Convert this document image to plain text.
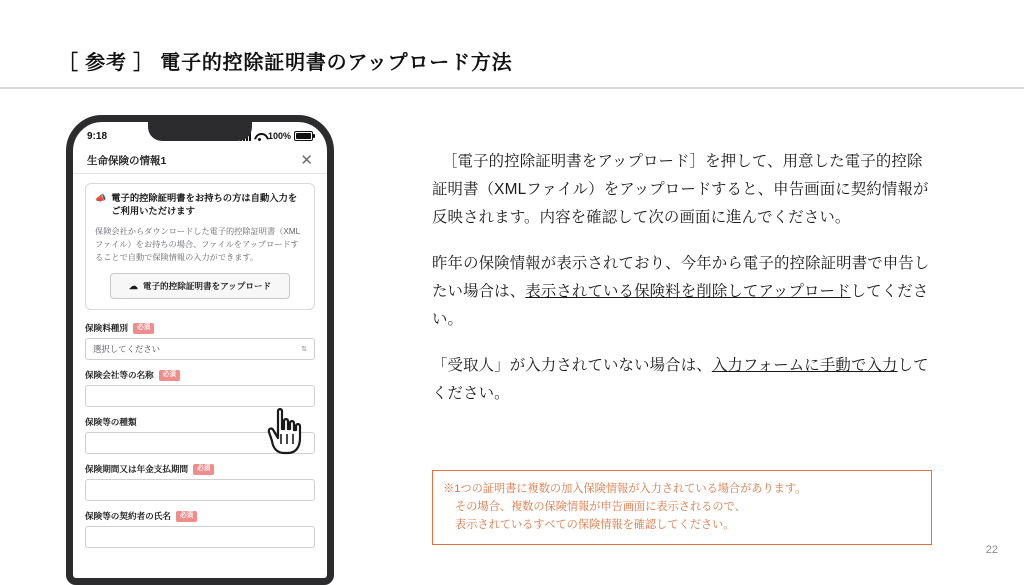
［ 参考 ］ 電子的控除証明書のアップロード方法
9:18	100%
生命保険の情報1	✕
📣 電子的控除証明書をお持ちの方は自動入力をご利用いただけます
保険会社からダウンロードした電子的控除証明書（XMLファイル）をお持ちの場合、ファイルをアップロードすることで自動で保険情報の入力ができます。
☁ 電子的控除証明書をアップロード
保険料種別	必須
選択してください	⇅
保険会社等の名称	必須
保険等の種類
保険期間又は年金支払期間	必須
保険等の契約者の氏名	必須

［電子的控除証明書をアップロード］を押して、用意した電子的控除証明書（XMLファイル）をアップロードすると、申告画面に契約情報が反映されます。内容を確認して次の画面に進んでください。

昨年の保険情報が表示されており、今年から電子的控除証明書で申告したい場合は、表示されている保険料を削除してアップロードしてください。

「受取人」が入力されていない場合は、入力フォームに手動で入力してください。

※1つの証明書に複数の加入保険情報が入力されている場合があります。

その場合、複数の保険情報が申告画面に表示されるので、

表示されているすべての保険情報を確認してください。

22
